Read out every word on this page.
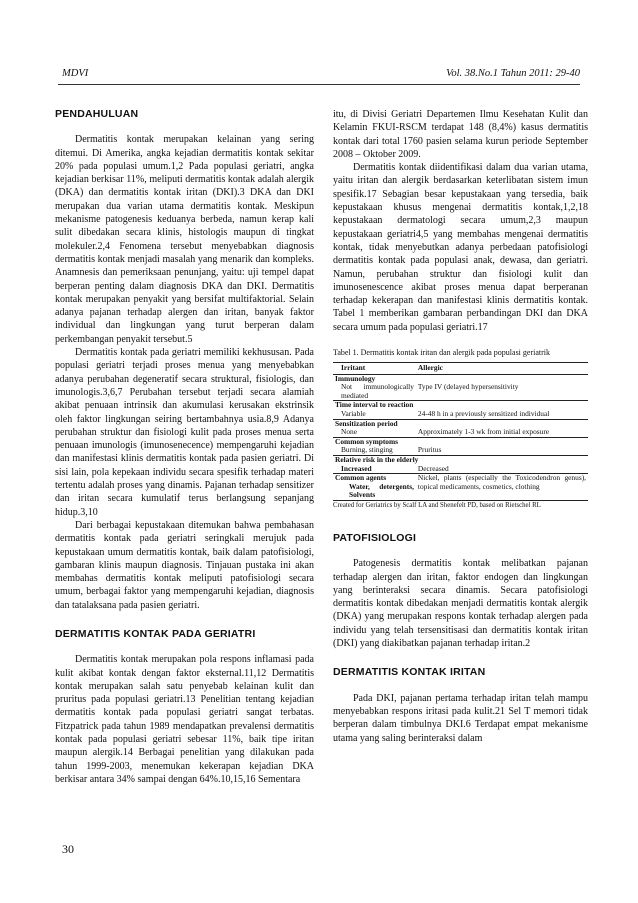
MDVI	Vol. 38.No.1 Tahun 2011: 29-40
PENDAHULUAN

Dermatitis kontak merupakan kelainan yang sering ditemui. Di Amerika, angka kejadian dermatitis kontak sekitar 20% pada populasi umum.1,2 Pada populasi geriatri, angka kejadian berkisar 11%, meliputi dermatitis kontak adalah alergik (DKA) dan dermatitis kontak iritan (DKI).3 DKA dan DKI merupakan dua varian utama dermatitis kontak. Meskipun mekanisme patogenesis keduanya berbeda, namun kerap kali sulit dibedakan secara klinis, histologis maupun di tingkat molekuler.2,4 Fenomena tersebut menyebabkan diagnosis dermatitis kontak menjadi masalah yang menarik dan kompleks. Anamnesis dan pemeriksaan penunjang, yaitu: uji tempel dapat berperan penting dalam diagnosis DKA dan DKI. Dermatitis kontak merupakan penyakit yang bersifat multifaktorial. Selain adanya pajanan terhadap alergen dan iritan, banyak faktor individual dan lingkungan yang turut berperan dalam perkembangan penyakit tersebut.5

Dermatitis kontak pada geriatri memiliki kekhususan. Pada populasi geriatri terjadi proses menua yang menyebabkan adanya perubahan degeneratif secara struktural, fisiologis, dan imunologis.3,6,7 Perubahan tersebut terjadi secara alamiah akibat penuaan intrinsik dan akumulasi kerusakan ekstrinsik oleh faktor lingkungan seiring bertambahnya usia.8,9 Adanya perubahan struktur dan fisiologi kulit pada proses menua serta penuaan imunologis (imunosenecence) mempengaruhi kejadian dan manifestasi klinis dermatitis kontak pada pasien geriatri. Di sisi lain, pola kepekaan individu secara spesifik terhadap materi tertentu adalah proses yang dinamis. Pajanan terhadap sensitizer dan iritan secara kumulatif terus berlangsung sepanjang hidup.3,10

Dari berbagai kepustakaan ditemukan bahwa pembahasan dermatitis kontak pada geriatri seringkali merujuk pada kepustakaan umum dermatitis kontak, baik dalam patofisiologi, gambaran klinis maupun diagnosis. Tinjauan pustaka ini akan membahas dermatitis kontak meliputi patofisiologi secara umum, berbagai faktor yang mempengaruhi kejadian, diagnosis dan tatalaksana pada pasien geriatri.

DERMATITIS KONTAK PADA GERIATRI

Dermatitis kontak merupakan pola respons inflamasi pada kulit akibat kontak dengan faktor eksternal.11,12 Dermatitis kontak merupakan salah satu penyebab kelainan kulit dan pruritus pada populasi geriatri.13 Penelitian tentang kejadian dermatitis kontak pada populasi geriatri sangat terbatas. Fitzpatrick pada tahun 1989 mendapatkan prevalensi dermatitis kontak pada populasi geriatri sebesar 11%, baik tipe iritan maupun alergik.14 Berbagai penelitian yang dilakukan pada tahun 1999-2003, menemukan kekerapan kejadian DKA berkisar antara 34% sampai dengan 64%.10,15,16 Sementara

itu, di Divisi Geriatri Departemen Ilmu Kesehatan Kulit dan Kelamin FKUI-RSCM terdapat 148 (8,4%) kasus dermatitis kontak dari total 1760 pasien selama kurun periode September 2008 – Oktober 2009.

Dermatitis kontak diidentifikasi dalam dua varian utama, yaitu iritan dan alergik berdasarkan keterlibatan sistem imun spesifik.17 Sebagian besar kepustakaan yang tersedia, baik kepustakaan khusus mengenai dermatitis kontak,1,2,18 kepustakaan dermatologi secara umum,2,3 maupun kepustakaan geriatri4,5 yang membahas mengenai dermatitis kontak, tidak menyebutkan adanya perbedaan patofisiologi dermatitis kontak pada populasi anak, dewasa, dan geriatri. Namun, perubahan struktur dan fisiologi kulit dan imunosenescence akibat proses menua dapat berperanan terhadap kekerapan dan manifestasi klinis dermatitis kontak. Tabel 1 memberikan gambaran perbandingan DKI dan DKA secara umum pada populasi geriatri.17

Tabel 1. Dermatitis kontak iritan dan alergik pada populasi geriatrik
Irritant	Allergic
Immunology	
Not immunologically mediated	Type IV (delayed hypersensitivity
Time interval to reaction	
Variable	24-48 h in a previously sensitized individual
Sensitization period	
None	Approximately 1-3 wk from initial exposure
Common symptoms	
Burning, stinging	Pruritus
Relative risk in the elderly	
Increased	Decreased

Common agents
Water, detergents, Solvents	Nickel, plants (especially the Toxicodendron genus), topical medicaments, cosmetics, clothing
Created for Geriatrics by Scalf LA and Shenefelt PD, based on Rietschel RL
PATOFISIOLOGI

Patogenesis dermatitis kontak melibatkan pajanan terhadap alergen dan iritan, faktor endogen dan lingkungan yang berinteraksi secara dinamis. Secara patofisiologi dermatitis kontak dibedakan menjadi dermatitis kontak alergik (DKA) yang merupakan respons kontak terhadap alergen pada individu yang telah tersensitisasi dan dermatitis kontak iritan (DKI) yang diakibatkan pajanan terhadap iritan.2

DERMATITIS KONTAK IRITAN

Pada DKI, pajanan pertama terhadap iritan telah mampu menyebabkan respons iritasi pada kulit.21 Sel T memori tidak berperan dalam timbulnya DKI.6 Terdapat empat mekanisme utama yang saling berinteraksi dalam

30
